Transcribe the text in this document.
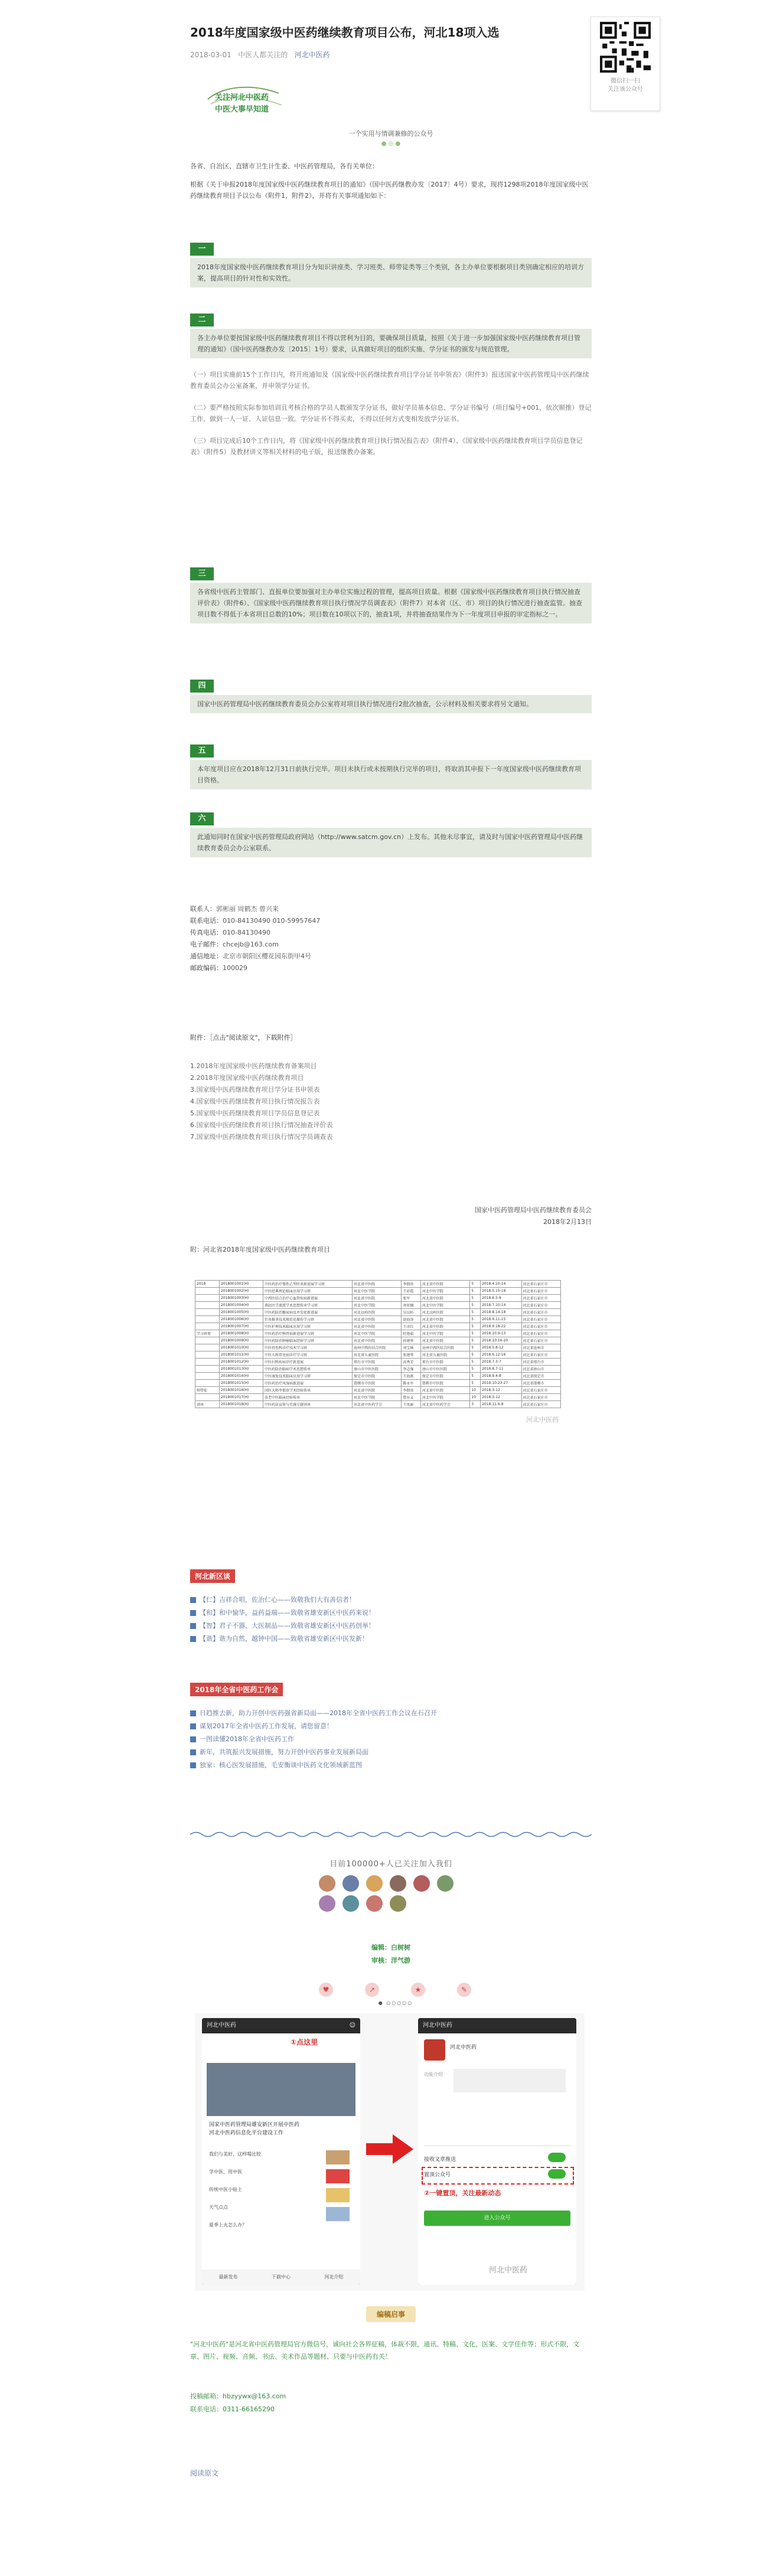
2018年度国家级中医药继续教育项目公布，河北18项入选
2018-03-01 中医人都关注的 河北中医药
微信扫一扫
关注该公众号
关注河北中医药
中医大事早知道
一个实用与情调兼修的公众号
● ◎ ●

各省、自治区、直辖市卫生计生委、中医药管理局，各有关单位：

根据《关于申报2018年度国家级中医药继续教育项目的通知》（国中医药继教办发〔2017〕4号）要求，现将1298项2018年度国家级中医药继续教育项目予以公布（附件1，附件2），并将有关事项通知如下：

一

2018年度国家级中医药继续教育项目分为知识讲座类、学习班类、师带徒类等三个类别，各主办单位要根据项目类别确定相应的培训方案，提高项目的针对性和实效性。

二

各主办单位要按国家级中医药继续教育项目不得以营利为目的，要确保项目质量，按照《关于进一步加强国家级中医药继续教育项目管理的通知》（国中医药继教办发〔2015〕1号）要求，认真做好项目的组织实施、学分证书的颁发与规范管理。

（一）项目实施前15个工作日内，将开班通知及《国家级中医药继续教育项目学分证书申领表》（附件3）报送国家中医药管理局中医药继续教育委员会办公室备案，并申领学分证书。

（二）要严格按照实际参加培训且考核合格的学员人数颁发学分证书，做好学员基本信息、学分证书编号（项目编号+001，依次顺推）登记工作，做到一人一证、人证信息一致。学分证书不得买卖，不得以任何方式变相发放学分证书。

（三）项目完成后10个工作日内，将《国家级中医药继续教育项目执行情况报告表》（附件4）、《国家级中医药继续教育项目学员信息登记表》（附件5）及教材讲义等相关材料的电子版，报送继教办备案。

三

各省级中医药主管部门、直报单位要加强对主办单位实施过程的管理，提高项目质量。根据《国家级中医药继续教育项目执行情况抽查评价表》（附件6）、《国家级中医药继续教育项目执行情况学员调查表》（附件7）对本省（区、市）项目的执行情况进行抽查监管。抽查项目数不得低于本省项目总数的10%；项目数在10项以下的，抽查1项，并将抽查结果作为下一年度项目申报的审定指标之一。

四

国家中医药管理局中医药继续教育委员会办公室将对项目执行情况进行2批次抽查，公示材料及相关要求将另文通知。

五

本年度项目应在2018年12月31日前执行完毕。项目未执行或未按期执行完毕的项目，将取消其申报下一年度国家级中医药继续教育项目资格。

六

此通知同时在国家中医药管理局政府网站（http://www.satcm.gov.cn）上发布。其他未尽事宜，请及时与国家中医药管理局中医药继续教育委员会办公室联系。

联系人：郭彬丽 周鹤杰 曾兴来
联系电话：010-84130490 010-59957647
传真电话：010-84130490
电子邮件：chcejb@163.com
通信地址：北京市朝阳区樱花园东街甲4号
邮政编码：100029
附件：［点击"阅读原文"，下载附件］
1.2018年度国家级中医药继续教育备案项目
2.2018年度国家级中医药继续教育项目
3.国家级中医药继续教育项目学分证书申领表
4.国家级中医药继续教育项目执行情况报告表
5.国家级中医药继续教育项目学员信息登记表
6.国家级中医药继续教育项目执行情况抽查评价表
7.国家级中医药继续教育项目执行情况学员调查表
国家中医药管理局中医药继续教育委员会
2018年2月13日
附：河北省2018年度国家级中医药继续教育项目
2018	2018001001(H)	中医药治疗慢性乙型肝炎新进展学习班	河北省中医院	李佃贵	河北省中医院	5	2018.4.10-14	河北省石家庄市
	2018001002(H)	中医经典理论临床应用学习班	河北中医学院	王彩霞	河北中医学院	5	2018.5.15-19	河北省石家庄市
	2018001003(H)	中西医结合治疗心血管疾病新进展	河北省中医院	张军	河北省中医院	5	2018.6.5-9	河北省石家庄市
	2018001004(H)	燕赵医学流派学术思想传承学习班	河北中医学院	刘亚娴	河北中医学院	5	2018.7.10-14	河北省石家庄市
	2018001005(H)	中医药防治糖尿病及并发症新进展	河北以岭医院	吴以岭	河北以岭医院	5	2018.8.14-18	河北省石家庄市
	2018001006(H)	针灸推拿技术规范化操作学习班	河北省中医院	赵海涛	河北省中医院	5	2018.9.11-15	河北省石家庄市
	2018001007(H)	中医护理技术临床应用学习班	河北省中医院	王彦红	河北省中医院	5	2018.9.18-22	河北省石家庄市
学习班类	2018001008(H)	中医药治疗脾胃病新进展学习班	河北中医学院	杜艳茹	河北中医学院	5	2018.10.9-13	河北省石家庄市
	2018001009(H)	中医药防治肿瘤临床经验学习班	河北省中医院	孙建华	河北省中医院	5	2018.10.16-20	河北省石家庄市
	2018001010(H)	中医骨伤科诊疗技术学习班	沧州中西医结合医院	刘宝林	沧州中西医结合医院	5	2018.5.8-12	河北省沧州市
	2018001011(H)	中医儿科常见病诊疗学习班	河北省儿童医院	张建华	河北省儿童医院	5	2018.6.12-16	河北省石家庄市
	2018001012(H)	中医妇科疾病诊疗新进展	邢台市中医院	高秀芳	邢台市中医院	5	2018.7.3-7	河北省邢台市
	2018001013(H)	中医药防治脑病学术思想传承	唐山市中医医院	李志强	唐山市中医医院	5	2018.8.7-11	河北省唐山市
	2018001014(H)	中医康复技术临床应用学习班	保定市中医院	王海燕	保定市中医院	5	2018.9.4-8	河北省保定市
	2018001015(H)	中医药治疗风湿病新进展	邯郸市中医院	陈永军	邯郸市中医院	5	2018.10.23-27	河北省邯郸市
师带徒	2018001016(H)	国医大师李佃贵学术经验传承	河北省中医院	李佃贵	河北省中医院	10	2018.3-12	河北省石家庄市
	2018001017(H)	名老中医临床经验传承	河北中医学院	曹东义	河北中医学院	10	2018.3-12	河北省石家庄市
讲座	2018001018(H)	中医药法宣传与实施专题讲座	河北省中医药学会	王凤丽	河北省中医药学会	3	2018.11.6-8	河北省石家庄市
河北中医药
河北新区谈
【仁】吉祥合唱，佐治仁心——致敬我们大有善信者！
【和】和中愉华，益药益瑞——致敬省雄安新区中医药来说！
【智】君子不器，大医制品——致敬省雄安新区中医药创举！
【谐】谐为自然，越钟中国——致敬省雄安新区中医发新！
2018年全省中医药工作会
日趋推去新，助力开创中医药强省新局面——2018年全省中医药工作会议在石召开
谋划2017年全省中医药工作发展，请您留意！
一图读懂2018年全省中医药工作
新年，共筑振兴发展措施，努力开创中医药事业发展新局面
独家：核心医发展措施，毛安衡谈中医药文化领域新蓝图
目前100000+人已关注加入我们
编辑：白树树
审核：洋气游
♥	↗	★	✎
● ○○○○○
河北中医药	☺
①点这里
国家中医药管理局雄安新区开展中医药
河北中医药信息化平台建设工作
我们与美好，这样喝比较
学中医，用中医
传统中医小贴士
天气点点
夏季上火怎么办？
最新发布	下载中心	河北介绍
河北中医药
河北中医药
功能介绍
接收文章推送
置顶公众号
②一键置顶，关注最新动态
进入公众号
河北中医药
编稿启事
"河北中医药"是河北省中医药管理局官方微信号，诚向社会各界征稿，体裁不限，通讯、特稿、文化、医案、文学佳作等；形式不限，文章、图片、视频、音频、书法、美术作品等题材、只要与中医药有关！
投稿邮箱：hbzyywx@163.com
联系电话：0311-66165290
阅读原文
